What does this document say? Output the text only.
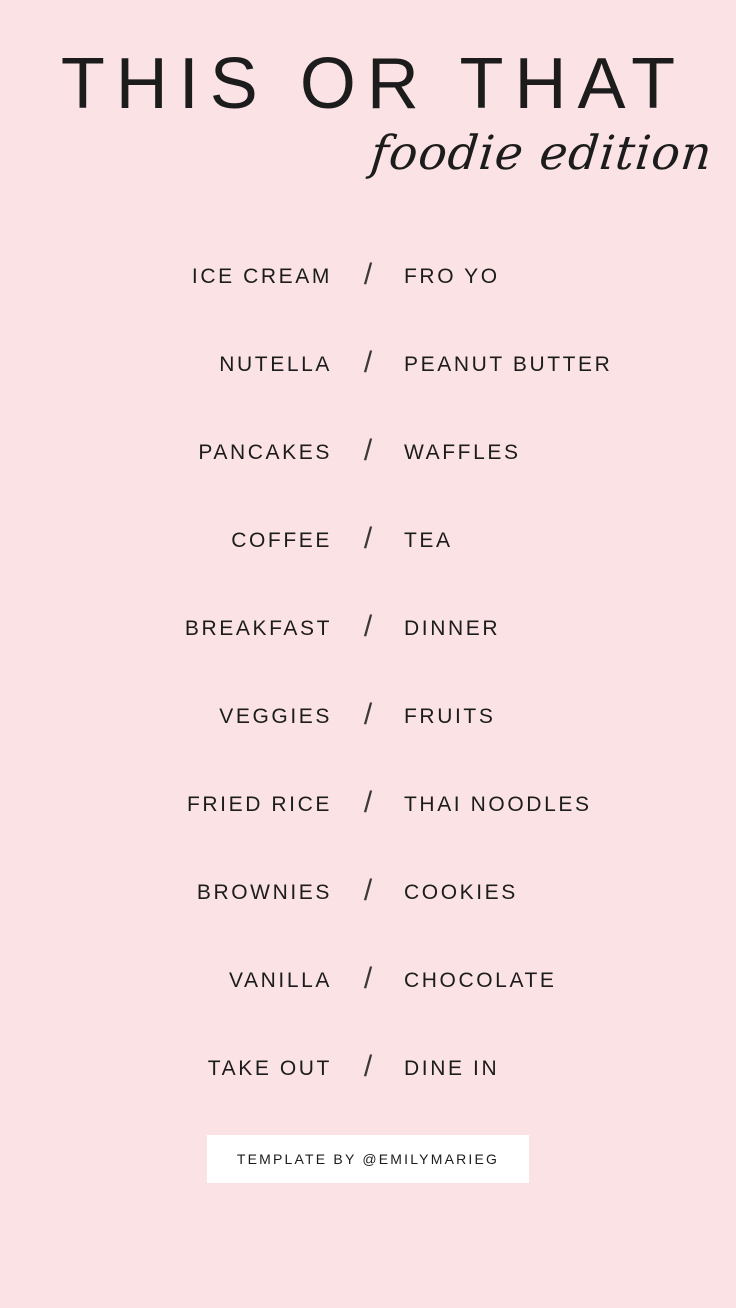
THIS OR THAT
foodie edition
ICE CREAM	/	FRO YO
NUTELLA	/	PEANUT BUTTER
PANCAKES	/	WAFFLES
COFFEE	/	TEA
BREAKFAST	/	DINNER
VEGGIES	/	FRUITS
FRIED RICE	/	THAI NOODLES
BROWNIES	/	COOKIES
VANILLA	/	CHOCOLATE
TAKE OUT	/	DINE IN
TEMPLATE BY @EMILYMARIEG
